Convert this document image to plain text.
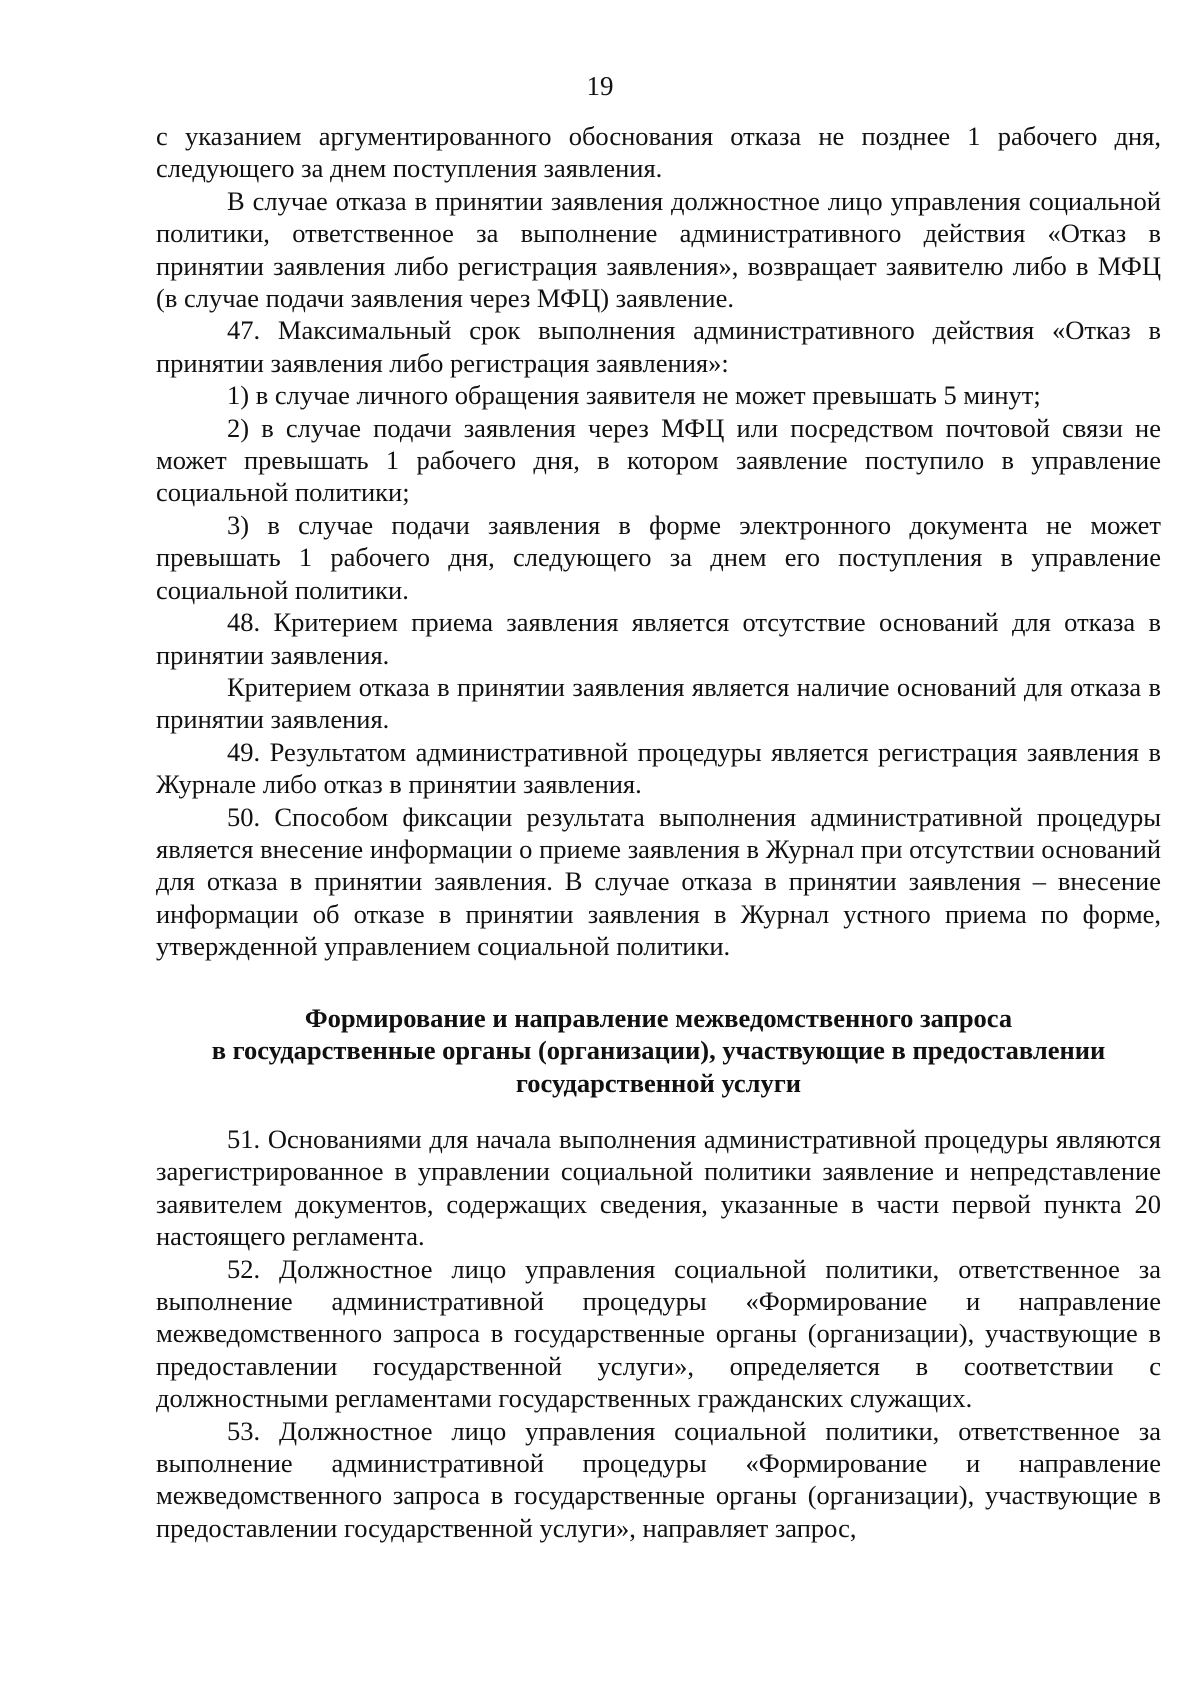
19

с указанием аргументированного обоснования отказа не позднее 1 рабочего дня, следующего за днем поступления заявления.

В случае отказа в принятии заявления должностное лицо управления социальной политики, ответственное за выполнение административного действия «Отказ в принятии заявления либо регистрация заявления», возвращает заявителю либо в МФЦ (в случае подачи заявления через МФЦ) заявление.

47. Максимальный срок выполнения административного действия «Отказ в принятии заявления либо регистрация заявления»:

1) в случае личного обращения заявителя не может превышать 5 минут;

2) в случае подачи заявления через МФЦ или посредством почтовой связи не может превышать 1 рабочего дня, в котором заявление поступило в управление социальной политики;

3) в случае подачи заявления в форме электронного документа не может превышать 1 рабочего дня, следующего за днем его поступления в управление социальной политики.

48. Критерием приема заявления является отсутствие оснований для отказа в принятии заявления.

Критерием отказа в принятии заявления является наличие оснований для отказа в принятии заявления.

49. Результатом административной процедуры является регистрация заявления в Журнале либо отказ в принятии заявления.

50. Способом фиксации результата выполнения административной процедуры является внесение информации о приеме заявления в Журнал при отсутствии оснований для отказа в принятии заявления. В случае отказа в принятии заявления – внесение информации об отказе в принятии заявления в Журнал устного приема по форме, утвержденной управлением социальной политики.

Формирование и направление межведомственного запроса
в государственные органы (организации), участвующие в предоставлении
государственной услуги

51. Основаниями для начала выполнения административной процедуры являются зарегистрированное в управлении социальной политики заявление и непредставление заявителем документов, содержащих сведения, указанные в части первой пункта 20 настоящего регламента.

52. Должностное лицо управления социальной политики, ответственное за выполнение административной процедуры «Формирование и направление межведомственного запроса в государственные органы (организации), участвующие в предоставлении государственной услуги», определяется в соответствии с должностными регламентами государственных гражданских служащих.

53. Должностное лицо управления социальной политики, ответственное за выполнение административной процедуры «Формирование и направление межведомственного запроса в государственные органы (организации), участвующие в предоставлении государственной услуги», направляет запрос,
